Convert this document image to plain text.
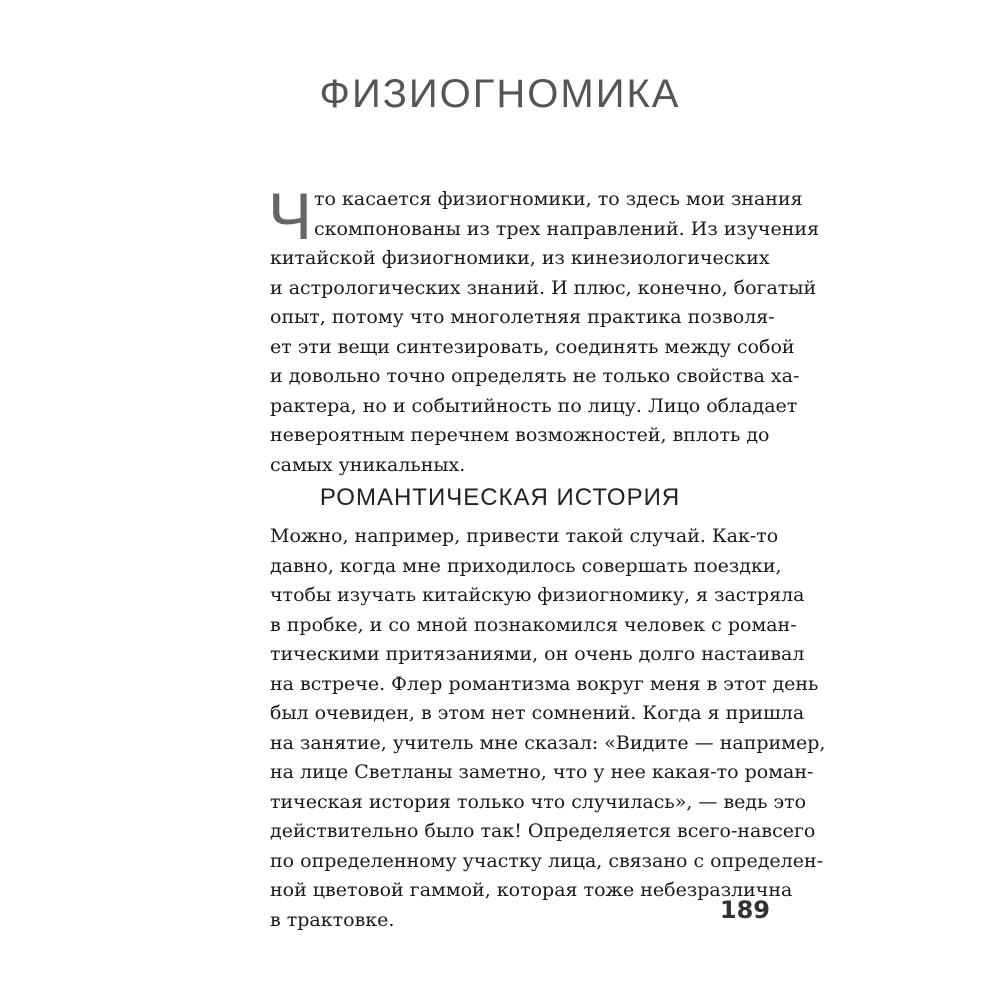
ФИЗИОГНОМИКА
Ч то касается физиогномики, то здесь мои знания
скомпонованы из трех направлений. Из изучения
китайской физиогномики, из кинезиологических
и астрологических знаний. И плюс, конечно, богатый
опыт, потому что многолетняя практика позволя-
ет эти вещи синтезировать, соединять между собой
и довольно точно определять не только свойства ха-
рактера, но и событийность по лицу. Лицо обладает
невероятным перечнем возможностей, вплоть до
самых уникальных.
РОМАНТИЧЕСКАЯ ИСТОРИЯ
Можно, например, привести такой случай. Как-то
давно, когда мне приходилось совершать поездки,
чтобы изучать китайскую физиогномику, я застряла
в пробке, и со мной познакомился человек с роман-
тическими притязаниями, он очень долго настаивал
на встрече. Флер романтизма вокруг меня в этот день
был очевиден, в этом нет сомнений. Когда я пришла
на занятие, учитель мне сказал: «Видите — например,
на лице Светланы заметно, что у нее какая-то роман-
тическая история только что случилась», — ведь это
действительно было так! Определяется всего-навсего
по определенному участку лица, связано с определен-
ной цветовой гаммой, которая тоже небезразлична
в трактовке.	189
